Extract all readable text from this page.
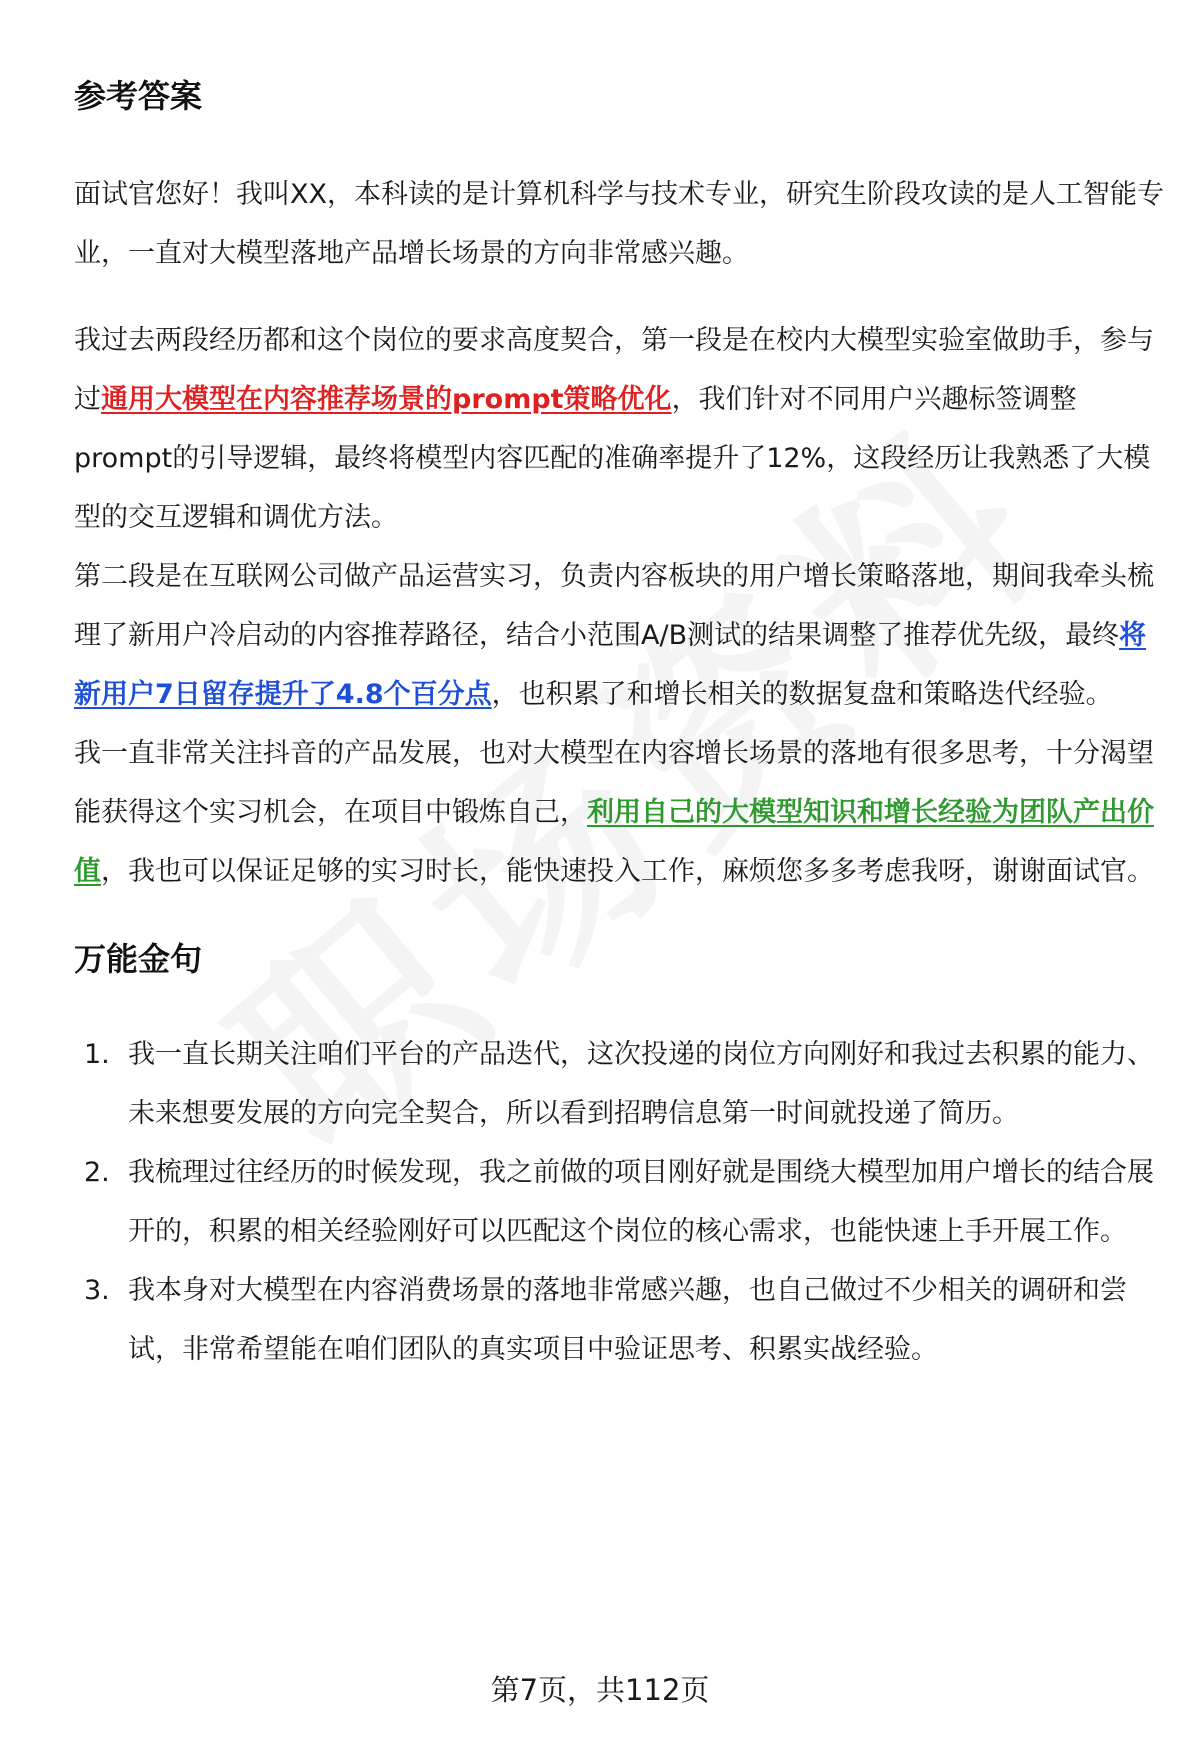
参考答案

面试官您好！我叫XX，本科读的是计算机科学与技术专业，研究生阶段攻读的是人工智能专业，一直对大模型落地产品增长场景的方向非常感兴趣。

我过去两段经历都和这个岗位的要求高度契合，第一段是在校内大模型实验室做助手，参与过通用大模型在内容推荐场景的prompt策略优化，我们针对不同用户兴趣标签调整prompt的引导逻辑，最终将模型内容匹配的准确率提升了12%，这段经历让我熟悉了大模型的交互逻辑和调优方法。

第二段是在互联网公司做产品运营实习，负责内容板块的用户增长策略落地，期间我牵头梳理了新用户冷启动的内容推荐路径，结合小范围A/B测试的结果调整了推荐优先级，最终将新用户7日留存提升了4.8个百分点，也积累了和增长相关的数据复盘和策略迭代经验。

我一直非常关注抖音的产品发展，也对大模型在内容增长场景的落地有很多思考，十分渴望能获得这个实习机会，在项目中锻炼自己，利用自己的大模型知识和增长经验为团队产出价值，我也可以保证足够的实习时长，能快速投入工作，麻烦您多多考虑我呀，谢谢面试官。

万能金句
1. 我一直长期关注咱们平台的产品迭代，这次投递的岗位方向刚好和我过去积累的能力、未来想要发展的方向完全契合，所以看到招聘信息第一时间就投递了简历。
2. 我梳理过往经历的时候发现，我之前做的项目刚好就是围绕大模型加用户增长的结合展开的，积累的相关经验刚好可以匹配这个岗位的核心需求，也能快速上手开展工作。
3. 我本身对大模型在内容消费场景的落地非常感兴趣，也自己做过不少相关的调研和尝试，非常希望能在咱们团队的真实项目中验证思考、积累实战经验。
第7页，共112页
